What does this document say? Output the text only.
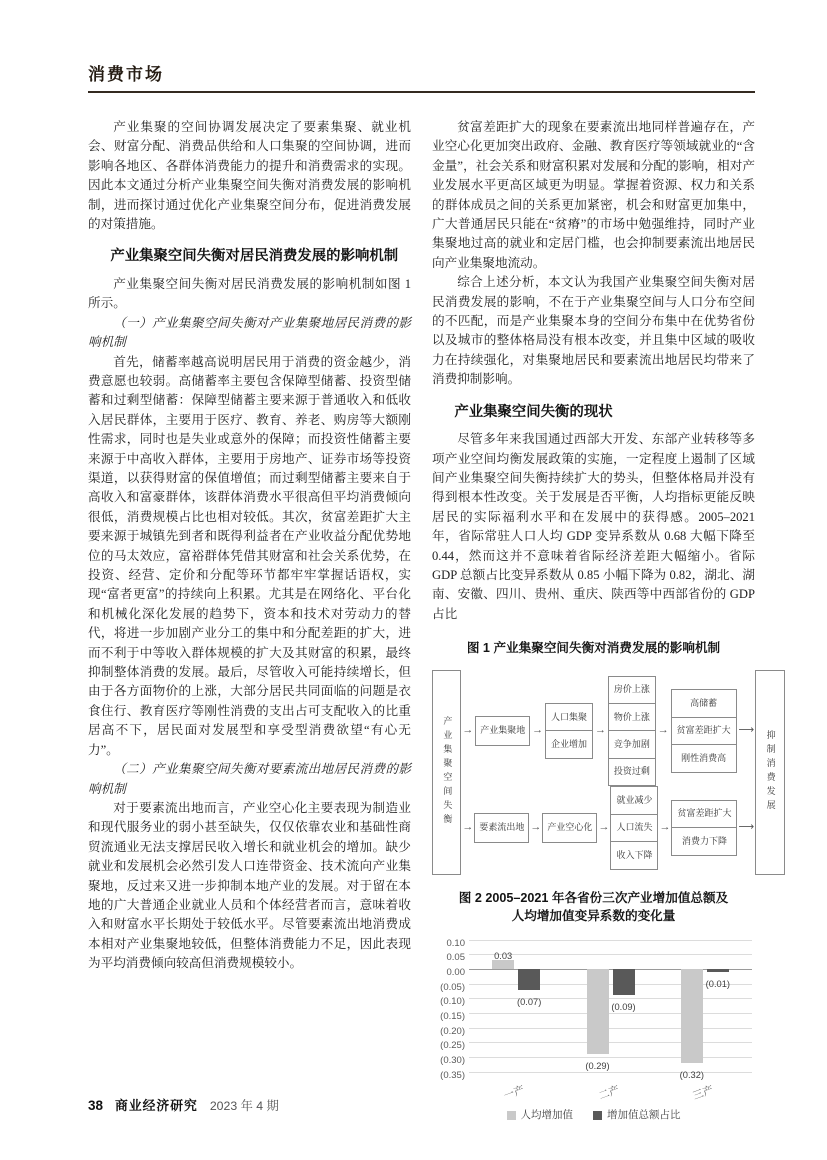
消费市场

产业集聚的空间协调发展决定了要素集聚、就业机会、财富分配、消费品供给和人口集聚的空间协调，进而影响各地区、各群体消费能力的提升和消费需求的实现。因此本文通过分析产业集聚空间失衡对消费发展的影响机制，进而探讨通过优化产业集聚空间分布，促进消费发展的对策措施。

产业集聚空间失衡对居民消费发展的影响机制

产业集聚空间失衡对居民消费发展的影响机制如图 1 所示。

（一）产业集聚空间失衡对产业集聚地居民消费的影响机制

首先，储蓄率越高说明居民用于消费的资金越少，消费意愿也较弱。高储蓄率主要包含保障型储蓄、投资型储蓄和过剩型储蓄：保障型储蓄主要来源于普通收入和低收入居民群体，主要用于医疗、教育、养老、购房等大额刚性需求，同时也是失业或意外的保障；而投资性储蓄主要来源于中高收入群体，主要用于房地产、证券市场等投资渠道，以获得财富的保值增值；而过剩型储蓄主要来自于高收入和富豪群体，该群体消费水平很高但平均消费倾向很低，消费规模占比也相对较低。其次，贫富差距扩大主要来源于城镇先到者和既得利益者在产业收益分配优势地位的马太效应，富裕群体凭借其财富和社会关系优势，在投资、经营、定价和分配等环节都牢牢掌握话语权，实现“富者更富”的持续向上积累。尤其是在网络化、平台化和机械化深化发展的趋势下，资本和技术对劳动力的替代，将进一步加剧产业分工的集中和分配差距的扩大，进而不利于中等收入群体规模的扩大及其财富的积累，最终抑制整体消费的发展。最后，尽管收入可能持续增长，但由于各方面物价的上涨，大部分居民共同面临的问题是衣食住行、教育医疗等刚性消费的支出占可支配收入的比重居高不下，居民面对发展型和享受型消费欲望“有心无力”。

（二）产业集聚空间失衡对要素流出地居民消费的影响机制

对于要素流出地而言，产业空心化主要表现为制造业和现代服务业的弱小甚至缺失，仅仅依靠农业和基础性商贸流通业无法支撑居民收入增长和就业机会的增加。缺少就业和发展机会必然引发人口连带资金、技术流向产业集聚地，反过来又进一步抑制本地产业的发展。对于留在本地的广大普通企业就业人员和个体经营者而言，意味着收入和财富水平长期处于较低水平。尽管要素流出地消费成本相对产业集聚地较低，但整体消费能力不足，因此表现为平均消费倾向较高但消费规模较小。

贫富差距扩大的现象在要素流出地同样普遍存在，产业空心化更加突出政府、金融、教育医疗等领域就业的“含金量”，社会关系和财富积累对发展和分配的影响，相对产业发展水平更高区域更为明显。掌握着资源、权力和关系的群体成员之间的关系更加紧密，机会和财富更加集中，广大普通居民只能在“贫瘠”的市场中勉强维持，同时产业集聚地过高的就业和定居门槛，也会抑制要素流出地居民向产业集聚地流动。

综合上述分析，本文认为我国产业集聚空间失衡对居民消费发展的影响，不在于产业集聚空间与人口分布空间的不匹配，而是产业集聚本身的空间分布集中在优势省份以及城市的整体格局没有根本改变，并且集中区域的吸收力在持续强化，对集聚地居民和要素流出地居民均带来了消费抑制影响。

产业集聚空间失衡的现状

尽管多年来我国通过西部大开发、东部产业转移等多项产业空间均衡发展政策的实施，一定程度上遏制了区域间产业集聚空间失衡持续扩大的势头，但整体格局并没有得到根本性改变。关于发展是否平衡，人均指标更能反映居民的实际福利水平和在发展中的获得感。2005–2021 年，省际常驻人口人均 GDP 变异系数从 0.68 大幅下降至 0.44，然而这并不意味着省际经济差距大幅缩小。省际 GDP 总额占比变异系数从 0.85 小幅下降为 0.82，湖北、湖南、安徽、四川、贵州、重庆、陕西等中西部省份的 GDP 占比

图 1 产业集聚空间失衡对消费发展的影响机制
产业集聚空间失衡 → 产业集聚地 →
人口集聚
企业增加
→
房价上涨
物价上涨
竞争加剧
投资过剩
→
高储蓄
贫富差距扩大
刚性消费高
⟶
→ 要素流出地 → 产业空心化 →
就业减少
人口流失
收入下降
→
贫富差距扩大
消费力下降
⟶
抑制消费发展
图 2 2005–2021 年各省份三次产业增加值总额及
人均增加值变异系数的变化量
0.03
(0.29)
(0.32)
(0.07)
(0.09)
(0.01)
一产	二产	三产
人均增加值	增加值总额占比
0.10
0.05
0.00
(0.05)
(0.10)
(0.15)
(0.20)
(0.25)
(0.30)
(0.35)
38 商业经济研究 2023 年 4 期
